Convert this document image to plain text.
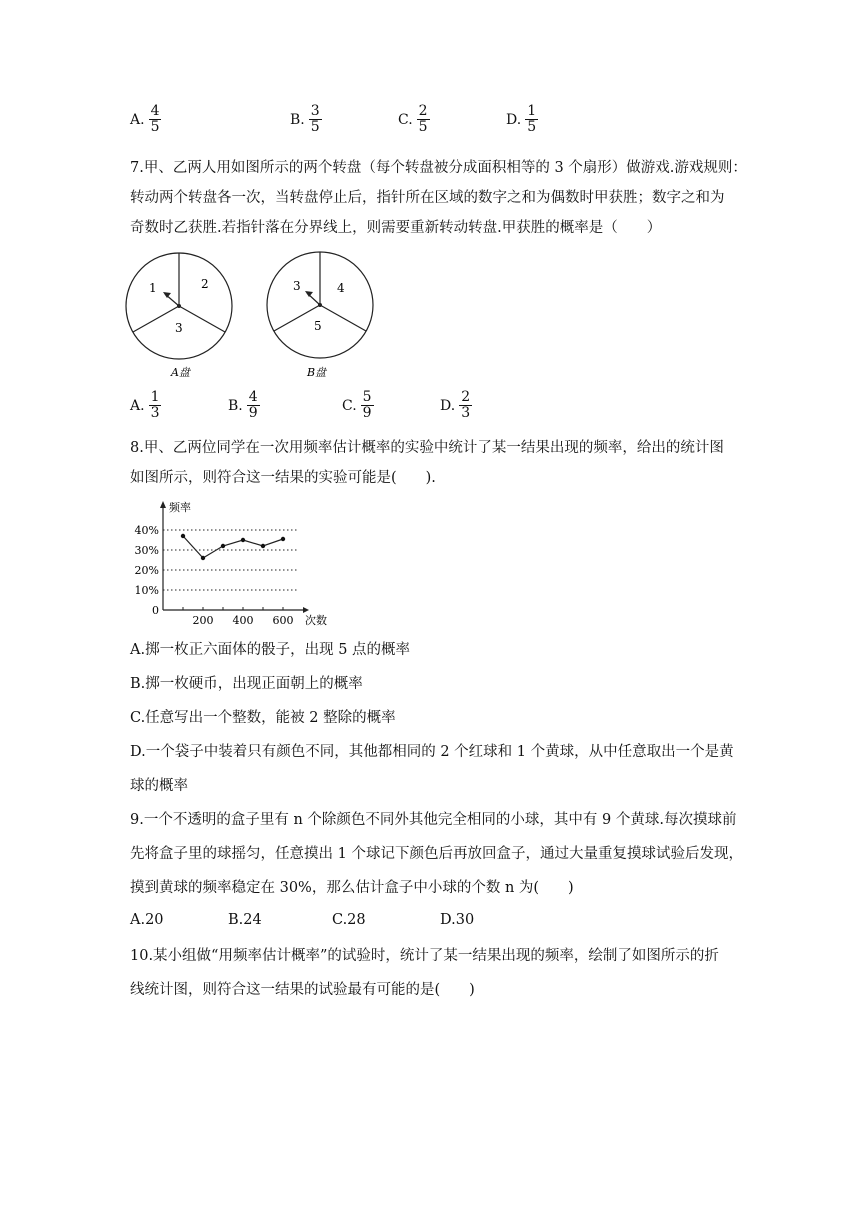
A. $\frac{4}{5}$	B. $\frac{3}{5}$	C. $\frac{2}{5}$	D. $\frac{1}{5}$
7.甲、乙两人用如图所示的两个转盘（每个转盘被分成面积相等的 3 个扇形）做游戏.游戏规则：
转动两个转盘各一次，当转盘停止后，指针所在区域的数字之和为偶数时甲获胜；数字之和为
奇数时乙获胜.若指针落在分界线上，则需要重新转动转盘.甲获胜的概率是（　　）
1	2
3
A盘
3	4
5
B盘
A. $\frac{1}{3}$	B. $\frac{4}{9}$	C. $\frac{5}{9}$	D. $\frac{2}{3}$
8.甲、乙两位同学在一次用频率估计概率的实验中统计了某一结果出现的频率，给出的统计图
如图所示，则符合这一结果的实验可能是(　　).
频率
次数
0
10%
20%
30%
40%
200 400 600
A.掷一枚正六面体的骰子，出现 5 点的概率
B.掷一枚硬币，出现正面朝上的概率
C.任意写出一个整数，能被 2 整除的概率
D.一个袋子中装着只有颜色不同，其他都相同的 2 个红球和 1 个黄球，从中任意取出一个是黄
球的概率
9.一个不透明的盒子里有 n 个除颜色不同外其他完全相同的小球，其中有 9 个黄球.每次摸球前
先将盒子里的球摇匀，任意摸出 1 个球记下颜色后再放回盒子，通过大量重复摸球试验后发现，
摸到黄球的频率稳定在 30%，那么估计盒子中小球的个数 n 为(　　)
A.20	B.24	C.28	D.30
10.某小组做“用频率估计概率”的试验时，统计了某一结果出现的频率，绘制了如图所示的折
线统计图，则符合这一结果的试验最有可能的是(　　)
